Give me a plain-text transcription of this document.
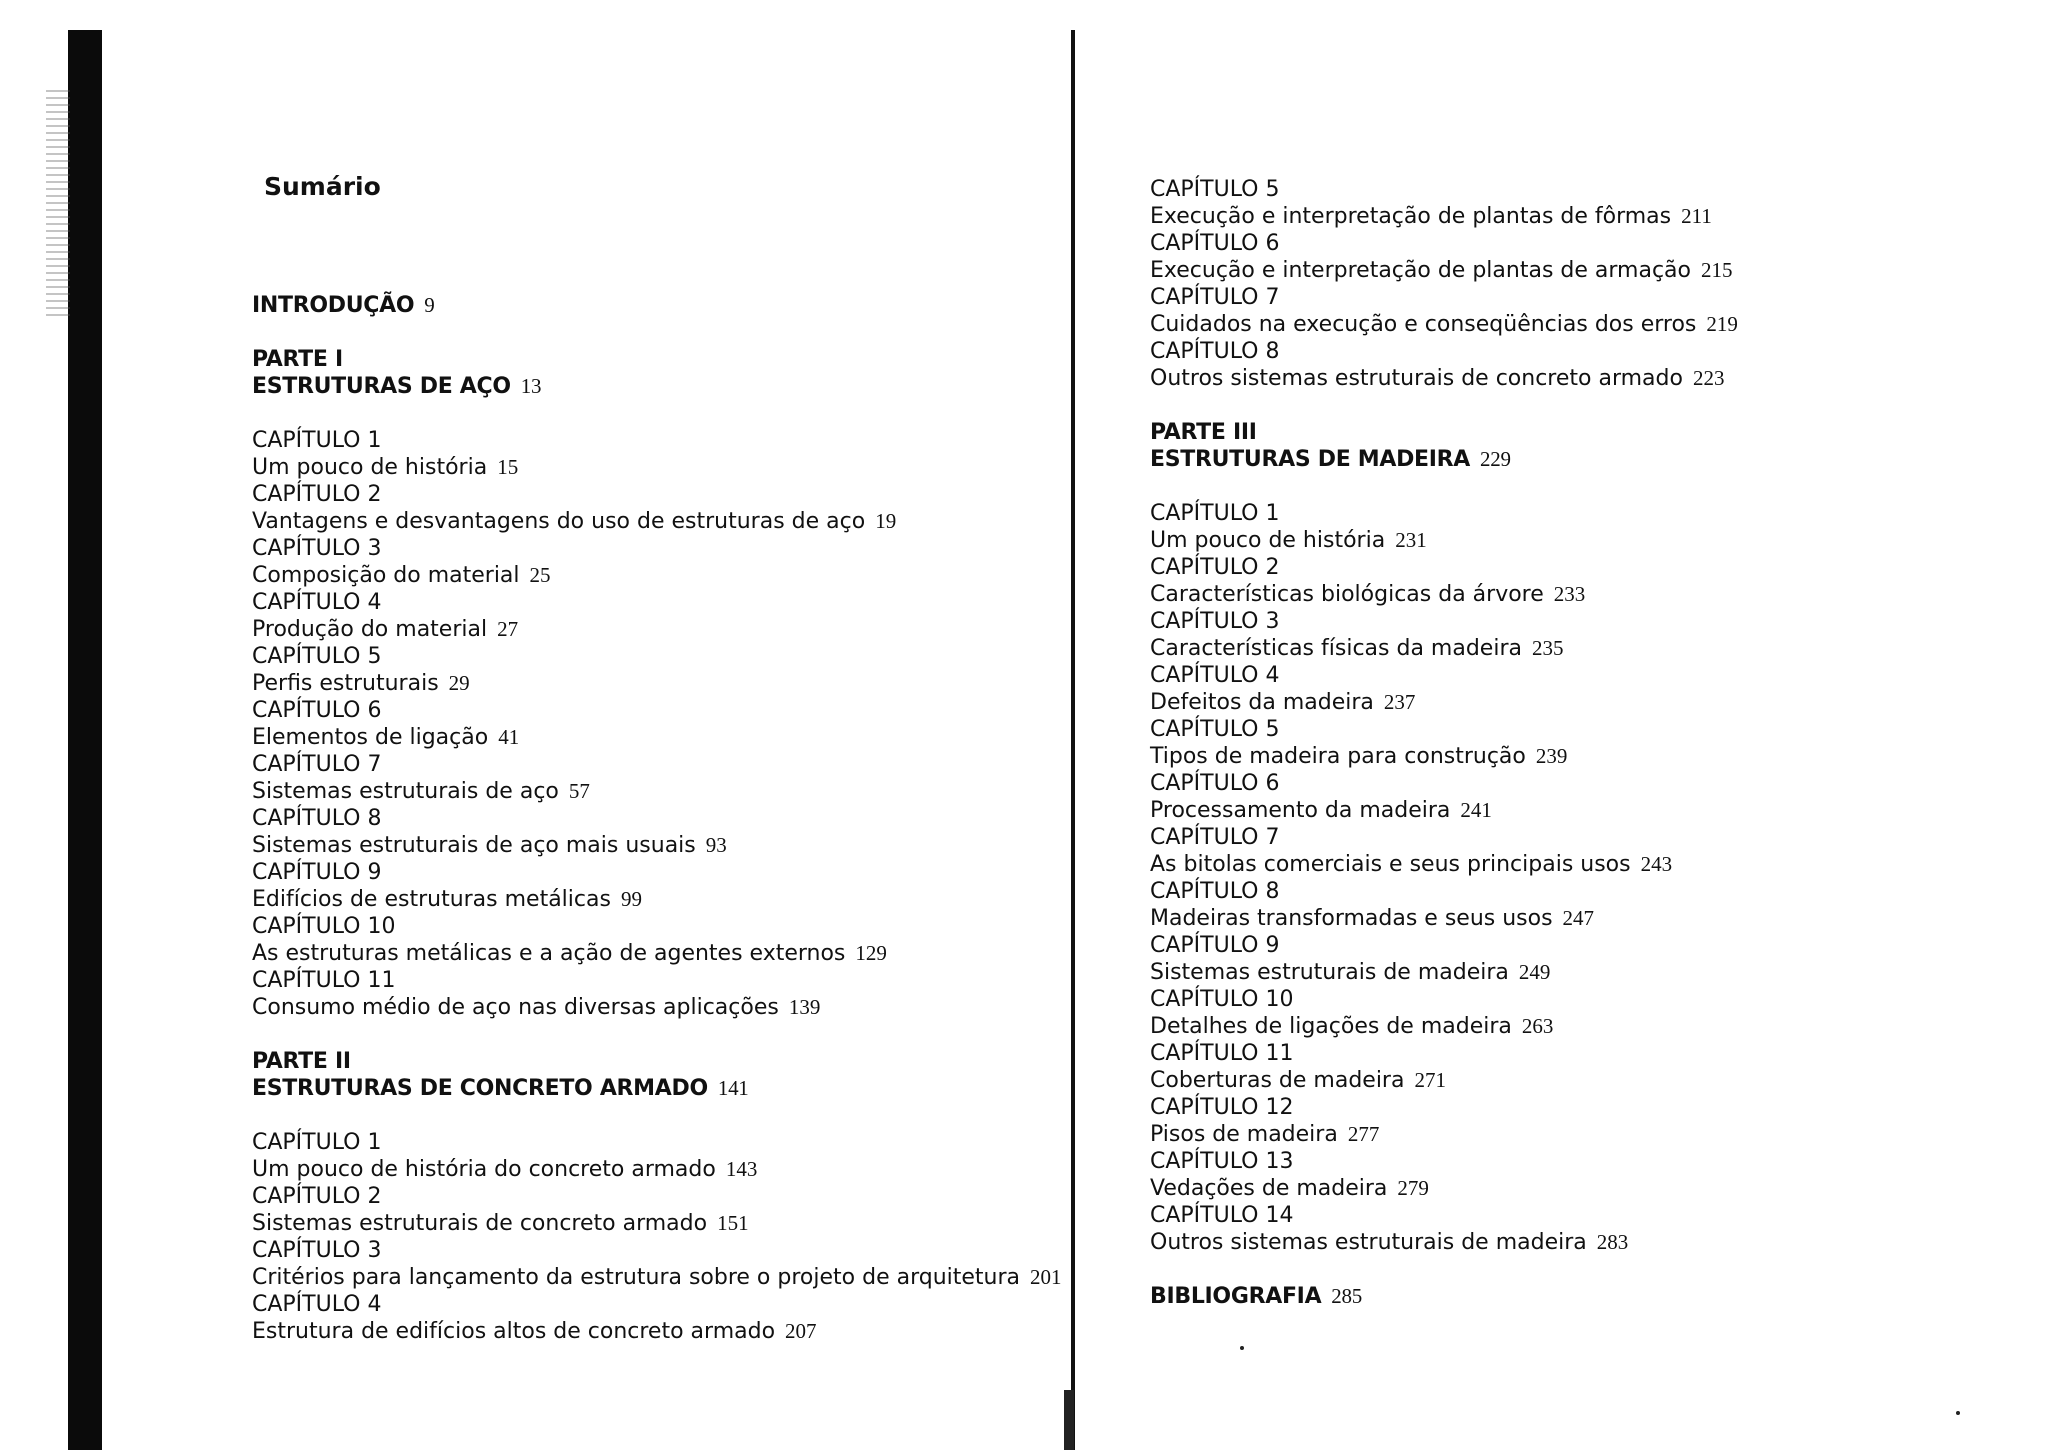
Sumário
INTRODUÇÃO 9
PARTE I
ESTRUTURAS DE AÇO 13
CAPÍTULO 1
Um pouco de história 15
CAPÍTULO 2
Vantagens e desvantagens do uso de estruturas de aço 19
CAPÍTULO 3
Composição do material 25
CAPÍTULO 4
Produção do material 27
CAPÍTULO 5
Perfis estruturais 29
CAPÍTULO 6
Elementos de ligação 41
CAPÍTULO 7
Sistemas estruturais de aço 57
CAPÍTULO 8
Sistemas estruturais de aço mais usuais 93
CAPÍTULO 9
Edifícios de estruturas metálicas 99
CAPÍTULO 10
As estruturas metálicas e a ação de agentes externos 129
CAPÍTULO 11
Consumo médio de aço nas diversas aplicações 139
PARTE II
ESTRUTURAS DE CONCRETO ARMADO 141
CAPÍTULO 1
Um pouco de história do concreto armado 143
CAPÍTULO 2
Sistemas estruturais de concreto armado 151
CAPÍTULO 3
Critérios para lançamento da estrutura sobre o projeto de arquitetura 201
CAPÍTULO 4
Estrutura de edifícios altos de concreto armado 207
CAPÍTULO 5
Execução e interpretação de plantas de fôrmas 211
CAPÍTULO 6
Execução e interpretação de plantas de armação 215
CAPÍTULO 7
Cuidados na execução e conseqüências dos erros 219
CAPÍTULO 8
Outros sistemas estruturais de concreto armado 223
PARTE III
ESTRUTURAS DE MADEIRA 229
CAPÍTULO 1
Um pouco de história 231
CAPÍTULO 2
Características biológicas da árvore 233
CAPÍTULO 3
Características físicas da madeira 235
CAPÍTULO 4
Defeitos da madeira 237
CAPÍTULO 5
Tipos de madeira para construção 239
CAPÍTULO 6
Processamento da madeira 241
CAPÍTULO 7
As bitolas comerciais e seus principais usos 243
CAPÍTULO 8
Madeiras transformadas e seus usos 247
CAPÍTULO 9
Sistemas estruturais de madeira 249
CAPÍTULO 10
Detalhes de ligações de madeira 263
CAPÍTULO 11
Coberturas de madeira 271
CAPÍTULO 12
Pisos de madeira 277
CAPÍTULO 13
Vedações de madeira 279
CAPÍTULO 14
Outros sistemas estruturais de madeira 283
BIBLIOGRAFIA 285
